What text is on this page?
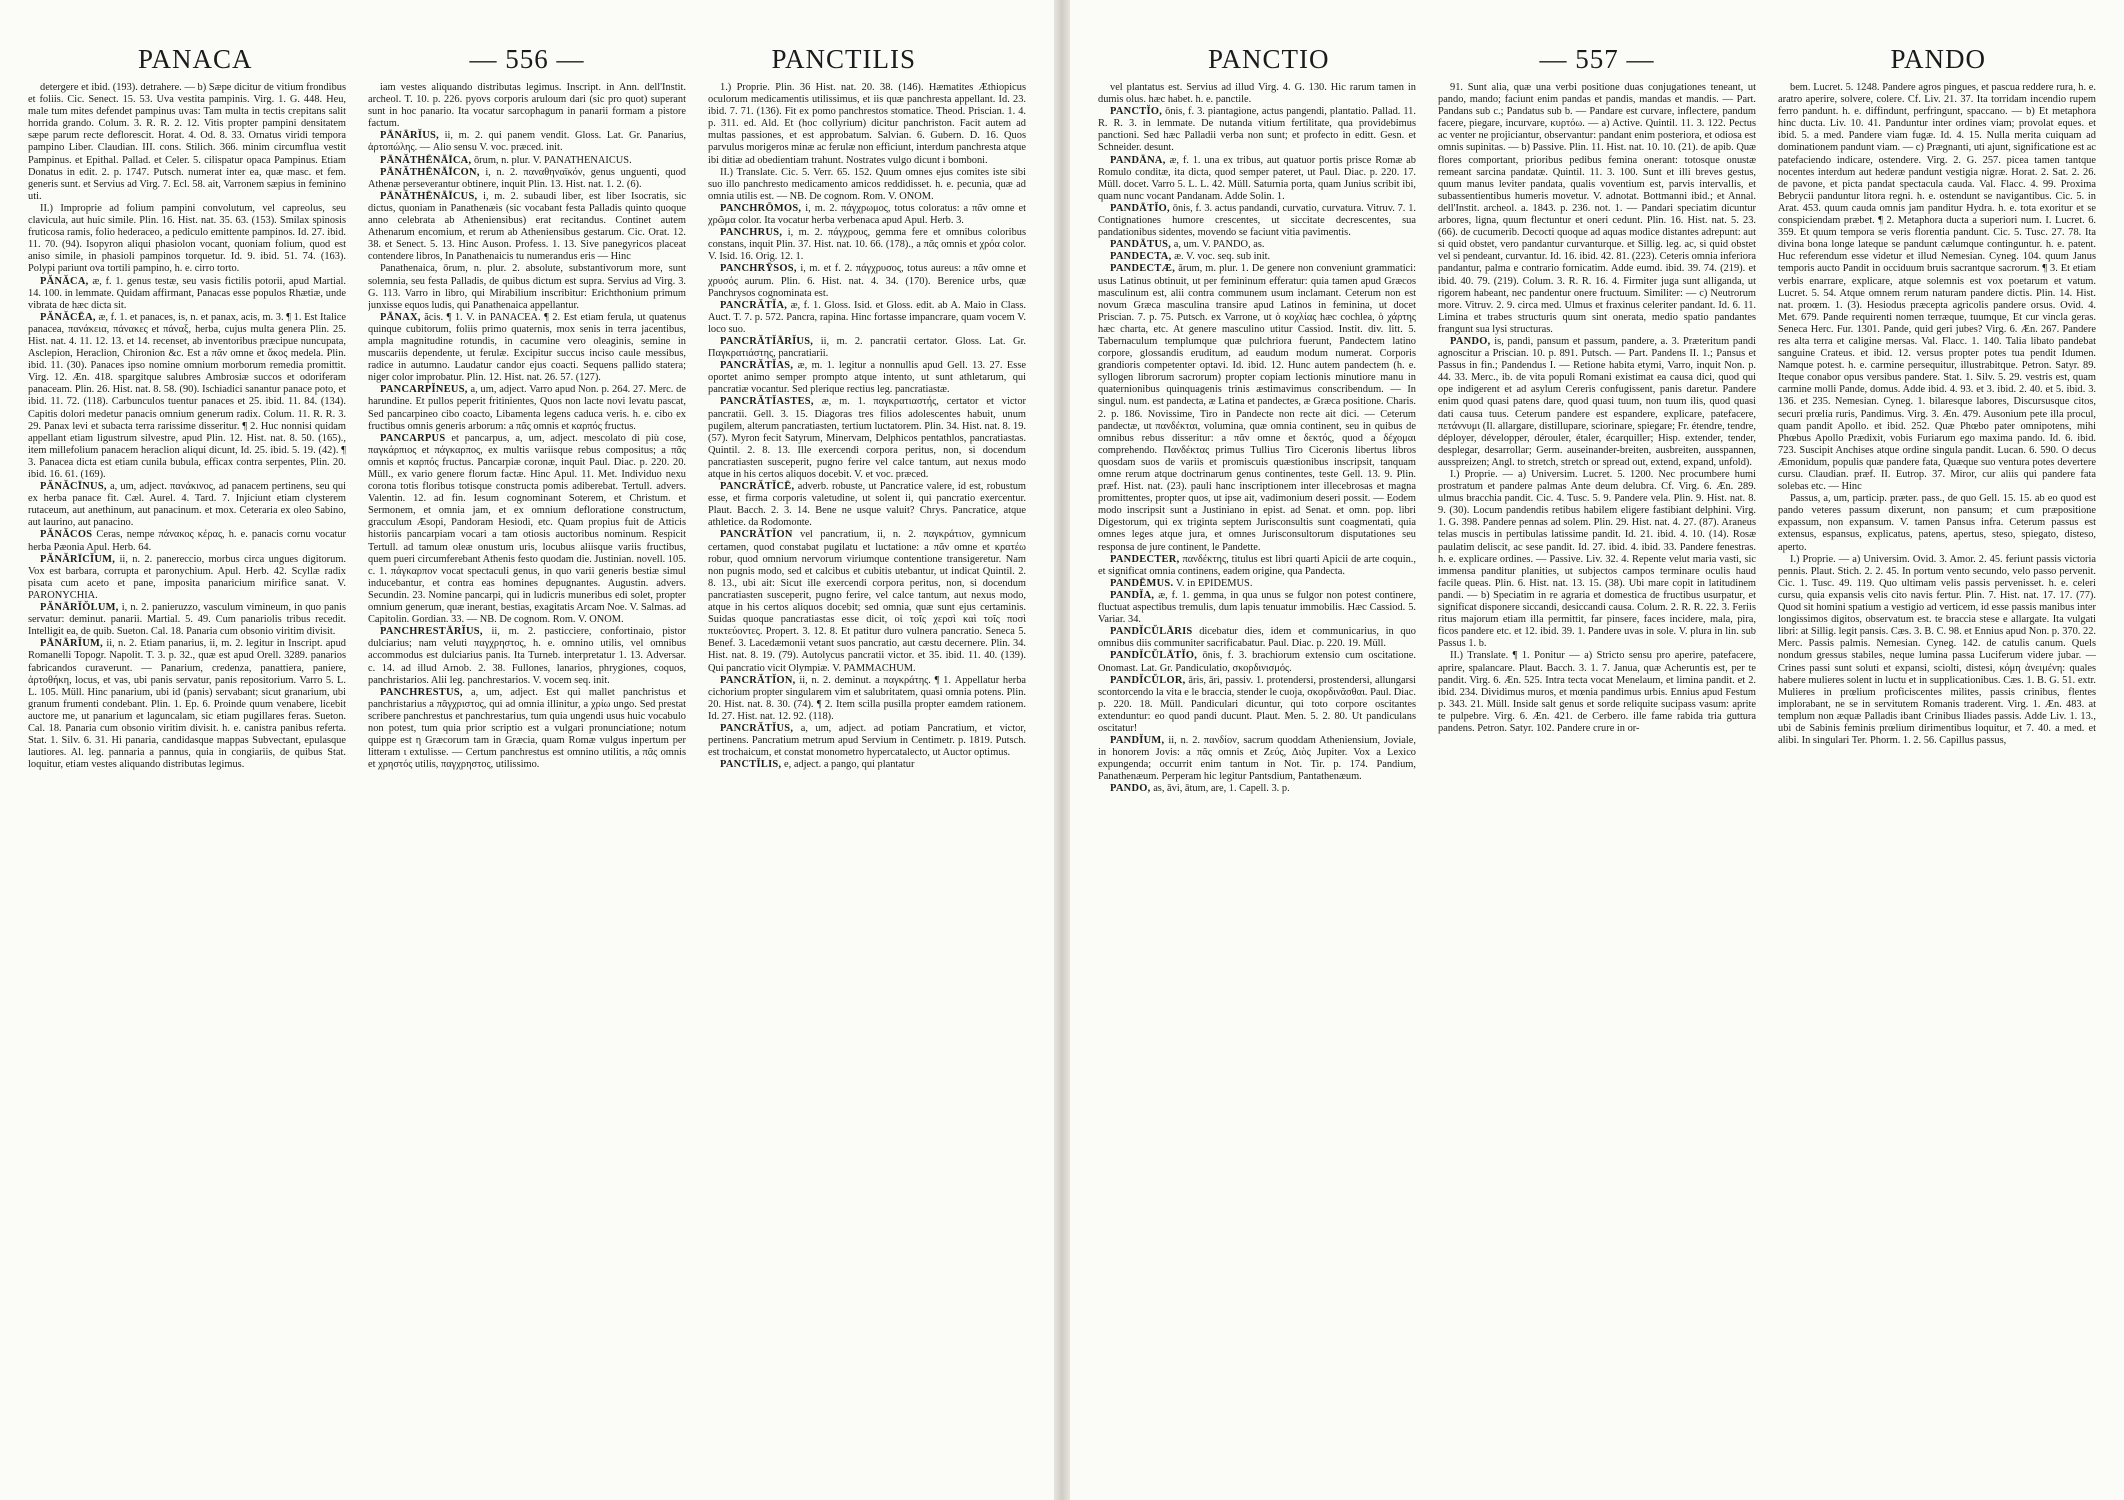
PANACA	— 556 —	PANCTILIS

detergere et ibid. (193). detrahere. — b) Sæpe dicitur de vitium frondibus et foliis. Cic. Senect. 15. 53. Uva vestita pampinis. Virg. 1. G. 448. Heu, male tum mites defendet pampinus uvas: Tam multa in tectis crepitans salit horrida grando. Colum. 3. R. R. 2. 12. Vitis propter pampini densitatem sæpe parum recte deflorescit. Horat. 4. Od. 8. 33. Ornatus viridi tempora pampino Liber. Claudian. III. cons. Stilich. 366. minim circumflua vestit Pampinus. et Epithal. Pallad. et Celer. 5. cilispatur opaca Pampinus. Etiam Donatus in edit. 2. p. 1747. Putsch. numerat inter ea, quæ masc. et fem. generis sunt. et Servius ad Virg. 7. Ecl. 58. ait, Varronem sæpius in feminino uti.

II.) Improprie ad folium pampini convolutum, vel capreolus, seu clavicula, aut huic simile. Plin. 16. Hist. nat. 35. 63. (153). Smilax spinosis fruticosa ramis, folio hederaceo, a pediculo emittente pampinos. Id. 27. ibid. 11. 70. (94). Isopyron aliqui phasiolon vocant, quoniam folium, quod est aniso simile, in phasioli pampinos torquetur. Id. 9. ibid. 51. 74. (163). Polypi pariunt ova tortili pampino, h. e. cirro torto.

PĂNĂCA, æ, f. 1. genus testæ, seu vasis fictilis potorii, apud Martial. 14. 100. in lemmate. Quidam affirmant, Panacas esse populos Rhætiæ, unde vibrata de hæc dicta sit.

PĂNĂCĒA, æ, f. 1. et panaces, is, n. et panax, acis, m. 3. ¶ 1. Est Italice panacea, πανάκεια, πάνακες et πάναξ, herba, cujus multa genera Plin. 25. Hist. nat. 4. 11. 12. 13. et 14. recenset, ab inventoribus præcipue nuncupata, Asclepion, Heraclion, Chironion &c. Est a πᾶν omne et ἄκος medela. Plin. ibid. 11. (30). Panaces ipso nomine omnium morborum remedia promittit. Virg. 12. Æn. 418. spargitque salubres Ambrosiæ succos et odoriferam panaceam. Plin. 26. Hist. nat. 8. 58. (90). Ischiadici sanantur panace poto, et ibid. 11. 72. (118). Carbunculos tuentur panaces et 25. ibid. 11. 84. (134). Capitis dolori medetur panacis omnium generum radix. Colum. 11. R. R. 3. 29. Panax levi et subacta terra rarissime disseritur. ¶ 2. Huc nonnisi quidam appellant etiam ligustrum silvestre, apud Plin. 12. Hist. nat. 8. 50. (165)., item millefolium panacem heraclion aliqui dicunt, Id. 25. ibid. 5. 19. (42). ¶ 3. Panacea dicta est etiam cunila bubula, efficax contra serpentes, Plin. 20. ibid. 16. 61. (169).

PĂNĂCĪNUS, a, um, adject. πανάκινος, ad panacem pertinens, seu qui ex herba panace fit. Cæl. Aurel. 4. Tard. 7. Injiciunt etiam clysterem rutaceum, aut anethinum, aut panacinum. et mox. Ceteraria ex oleo Sabino, aut laurino, aut panacino.

PĂNĂCOS Ceras, nempe πάνακος κέρας, h. e. panacis cornu vocatur herba Pæonia Apul. Herb. 64.

PĂNĂRĪCĬUM, ii, n. 2. panereccio, morbus circa ungues digitorum. Vox est barbara, corrupta et paronychium. Apul. Herb. 42. Scyllæ radix pisata cum aceto et pane, imposita panaricium mirifice sanat. V. PARONYCHIA.

PĂNĀRĬŎLUM, i, n. 2. panieruzzo, vasculum vimineum, in quo panis servatur: deminut. panarii. Martial. 5. 49. Cum panariolis tribus recedit. Intelligit ea, de quib. Sueton. Cal. 18. Panaria cum obsonio viritim divisit.

PĀNĀRĬUM, ii, n. 2. Etiam panarius, ii, m. 2. legitur in Inscript. apud Romanelli Topogr. Napolit. T. 3. p. 32., quæ est apud Orell. 3289. panarios fabricandos curaverunt. — Panarium, credenza, panattiera, paniere, ἀρτοθήκη, locus, et vas, ubi panis servatur, panis repositorium. Varro 5. L. L. 105. Müll. Hinc panarium, ubi id (panis) servabant; sicut granarium, ubi granum frumenti condebant. Plin. 1. Ep. 6. Proinde quum venabere, licebit auctore me, ut panarium et laguncalam, sic etiam pugillares feras. Sueton. Cal. 18. Panaria cum obsonio viritim divisit. h. e. canistra panibus referta. Stat. 1. Silv. 6. 31. Hi panaria, candidasque mappas Subvectant, epulasque lautiores. Al. leg. pannaria a pannus, quia in congiariis, de quibus Stat. loquitur, etiam vestes aliquando distributas legimus.

iam vestes aliquando distributas legimus. Inscript. in Ann. dell'Instit. archeol. T. 10. p. 226. pyovs corporis aruloum dari (sic pro quot) superant sunt in hoc panario. Ita vocatur sarcophagum in panarii formam a pistore factum.

PĀNĀRĬUS, ii, m. 2. qui panem vendit. Gloss. Lat. Gr. Panarius, ἀρτοπώλης. — Alio sensu V. voc. præced. init.

PĀNĂTHĒNĀĪCA, ōrum, n. plur. V. PANATHENAICUS.

PĀNĂTHĒNĀĪCON, i, n. 2. παναθηναϊκόν, genus unguenti, quod Athenæ perseverantur obtinere, inquit Plin. 13. Hist. nat. 1. 2. (6).

PĀNĂTHĒNĀĪCUS, i, m. 2. subaudi liber, est liber Isocratis, sic dictus, quoniam in Panathenæis (sic vocabant festa Palladis quinto quoque anno celebrata ab Atheniensibus) erat recitandus. Continet autem Athenarum encomium, et rerum ab Atheniensibus gestarum. Cic. Orat. 12. 38. et Senect. 5. 13. Hinc Auson. Profess. 1. 13. Sive panegyricos placeat contendere libros, In Panathenaicis tu numerandus eris — Hinc

Panathenaica, ōrum, n. plur. 2. absolute, substantivorum more, sunt solemnia, seu festa Palladis, de quibus dictum est supra. Servius ad Virg. 3. G. 113. Varro in libro, qui Mirabilium inscribitur: Erichthonium primum junxisse equos ludis, qui Panathenaica appellantur.

PĀNAX, ăcis. ¶ 1. V. in PANACEA. ¶ 2. Est etiam ferula, ut quatenus quinque cubitorum, foliis primo quaternis, mox senis in terra jacentibus, ampla magnitudine rotundis, in cacumine vero oleaginis, semine in muscariis dependente, ut ferulæ. Excipitur succus inciso caule messibus, radice in autumno. Laudatur candor ejus coacti. Sequens pallido statera; niger color improbatur. Plin. 12. Hist. nat. 26. 57. (127).

PANCARPĬNEUS, a, um, adject. Varro apud Non. p. 264. 27. Merc. de harundine. Et pullos peperit fritinientes, Quos non lacte novi levatu pascat, Sed pancarpineo cibo coacto, Libamenta legens caduca veris. h. e. cibo ex fructibus omnis generis arborum: a πᾶς omnis et καρπός fructus.

PANCARPUS et pancarpus, a, um, adject. mescolato di più cose, παγκάρπιος et πάγκαρπος, ex multis variisque rebus compositus; a πᾶς omnis et καρπός fructus. Pancarpiæ coronæ, inquit Paul. Diac. p. 220. 20. Müll., ex vario genere florum factæ. Hinc Apul. 11. Met. Individuo nexu corona totis floribus totisque constructa pomis adiberebat. Tertull. advers. Valentin. 12. ad fin. Iesum cognominant Soterem, et Christum. et Sermonem, et omnia jam, et ex omnium defloratione constructum, gracculum Æsopi, Pandoram Hesiodi, etc. Quam propius fuit de Atticis historiis pancarpiam vocari a tam otiosis auctoribus nominum. Respicit Tertull. ad tamum oleæ onustum uris, locubus aliisque variis fructibus, quem pueri circumferebant Athenis festo quodam die. Justinian. novell. 105. c. 1. πάγκαρπον vocat spectaculi genus, in quo varii generis bestiæ simul inducebantur, et contra eas homines depugnantes. Augustin. advers. Secundin. 23. Nomine pancarpi, qui in ludicris muneribus edi solet, propter omnium generum, quæ inerant, bestias, exagitatis Arcam Noe. V. Salmas. ad Capitolin. Gordian. 33. — NB. De cognom. Rom. V. ONOM.

PANCHRESTĀRĬUS, ii, m. 2. pasticciere, confortinaio, pistor dulciarius; nam veluti παγχρηστος, h. e. omnino utilis, vel omnibus accommodus est dulciarius panis. Ita Turneb. interpretatur 1. 13. Adversar. c. 14. ad illud Arnob. 2. 38. Fullones, lanarios, phrygiones, coquos, panchristarios. Alii leg. panchrestarios. V. vocem seq. init.

PANCHRESTUS, a, um, adject. Est qui mallet panchristus et panchristarius a πᾶγχριστος, qui ad omnia illinitur, a χρίω ungo. Sed prestat scribere panchrestus et panchrestarius, tum quia ungendi usus huic vocabulo non potest, tum quia prior scriptio est a vulgari pronunciatione; notum quippe est η Græcorum tam in Græcia, quam Romæ vulgus inpertum per litteram ι extulisse. — Certum panchrestus est omnino utilitis, a πᾶς omnis et χρηστός utilis, παγχρηστος, utilissimo.

1.) Proprie. Plin. 36 Hist. nat. 20. 38. (146). Hæmatites Æthiopicus oculorum medicamentis utilissimus, et iis quæ panchresta appellant. Id. 23. ibid. 7. 71. (136). Fit ex pomo panchrestos stomatice. Theod. Priscian. 1. 4. p. 311. ed. Ald. Et (hoc collyrium) dicitur panchriston. Facit autem ad multas passiones, et est approbatum. Salvian. 6. Gubern. D. 16. Quos parvulus morigeros minæ ac ferulæ non efficiunt, interdum panchresta atque ibi ditiæ ad obedientiam trahunt. Nostrates vulgo dicunt i bomboni.

II.) Translate. Cic. 5. Verr. 65. 152. Quum omnes ejus comites iste sibi suo illo panchresto medicamento amicos reddidisset. h. e. pecunia, quæ ad omnia utilis est. — NB. De cognom. Rom. V. ONOM.

PANCHRŌMOS, i, m. 2. πάγχρωμος, totus coloratus: a πᾶν omne et χρῶμα color. Ita vocatur herba verbenaca apud Apul. Herb. 3.

PANCHRUS, i, m. 2. πάγχρους, gemma fere et omnibus coloribus constans, inquit Plin. 37. Hist. nat. 10. 66. (178)., a πᾶς omnis et χρόα color. V. Isid. 16. Orig. 12. 1.

PANCHRȲSOS, i, m. et f. 2. πάγχρυσος, totus aureus: a πᾶν omne et χρυσός aurum. Plin. 6. Hist. nat. 4. 34. (170). Berenice urbs, quæ Panchrysos cognominata est.

PANCRĂTĬA, æ, f. 1. Gloss. Isid. et Gloss. edit. ab A. Maio in Class. Auct. T. 7. p. 572. Pancra, rapina. Hinc fortasse impancrare, quam vocem V. loco suo.

PANCRĂTĬĀRĬUS, ii, m. 2. pancratii certator. Gloss. Lat. Gr. Παγκρατιάστης, pancratiarii.

PANCRĂTĬAS, æ, m. 1. legitur a nonnullis apud Gell. 13. 27. Esse oportet animo semper prompto atque intento, ut sunt athletarum, qui pancratiæ vocantur. Sed plerique rectius leg. pancratiastæ.

PANCRĂTĬASTES, æ, m. 1. παγκρατιαστής, certator et victor pancratii. Gell. 3. 15. Diagoras tres filios adolescentes habuit, unum pugilem, alterum pancratiasten, tertium luctatorem. Plin. 34. Hist. nat. 8. 19. (57). Myron fecit Satyrum, Minervam, Delphicos pentathlos, pancratiastas. Quintil. 2. 8. 13. Ille exercendi corpora peritus, non, si docendum pancratiasten susceperit, pugno ferire vel calce tantum, aut nexus modo atque in his certos aliquos docebit. V. et voc. præced.

PANCRĂTĬCĒ, adverb. robuste, ut Pancratice valere, id est, robustum esse, et firma corporis valetudine, ut solent ii, qui pancratio exercentur. Plaut. Bacch. 2. 3. 14. Bene ne usque valuit? Chrys. Pancratice, atque athletice. da Rodomonte.

PANCRĂTĬON vel pancratium, ii, n. 2. παγκράτιον, gymnicum certamen, quod constabat pugilatu et luctatione: a πᾶν omne et κρατέω robur, quod omnium nervorum viriumque contentione transigeretur. Nam non pugnis modo, sed et calcibus et cubitis utebantur, ut indicat Quintil. 2. 8. 13., ubi ait: Sicut ille exercendi corpora peritus, non, si docendum pancratiasten susceperit, pugno ferire, vel calce tantum, aut nexus modo, atque in his certos aliquos docebit; sed omnia, quæ sunt ejus certaminis. Suidas quoque pancratiastas esse dicit, οἱ τοῖς χερσὶ καὶ τοῖς ποσὶ πυκτεύοντες. Propert. 3. 12. 8. Et patitur duro vulnera pancratio. Seneca 5. Benef. 3. Lacedæmonii vetant suos pancratio, aut cæstu decernere. Plin. 34. Hist. nat. 8. 19. (79). Autolycus pancratii victor. et 35. ibid. 11. 40. (139). Qui pancratio vicit Olympiæ. V. PAMMACHUM.

PANCRĂTĬON, ii, n. 2. deminut. a παγκράτης. ¶ 1. Appellatur herba cichorium propter singularem vim et salubritatem, quasi omnia potens. Plin. 20. Hist. nat. 8. 30. (74). ¶ 2. Item scilla pusilla propter eamdem rationem. Id. 27. Hist. nat. 12. 92. (118).

PANCRĂTĬUS, a, um, adject. ad potiam Pancratium, et victor, pertinens. Pancratium metrum apud Servium in Centimetr. p. 1819. Putsch. est trochaicum, et constat monometro hypercatalecto, ut Auctor optimus.

PANCTĬLIS, e, adject. a pango, qui plantatur

PANCTIO	— 557 —	PANDO

vel plantatus est. Servius ad illud Virg. 4. G. 130. Hic rarum tamen in dumis olus. hæc habet. h. e. panctile.

PANCTĬO, ōnis, f. 3. piantagione, actus pangendi, plantatio. Pallad. 11. R. R. 3. in lemmate. De nutanda vitium fertilitate, qua providebimus panctioni. Sed hæc Palladii verba non sunt; et profecto in editt. Gesn. et Schneider. desunt.

PANDĀNA, æ, f. 1. una ex tribus, aut quatuor portis prisce Romæ ab Romulo conditæ, ita dicta, quod semper pateret, ut Paul. Diac. p. 220. 17. Müll. docet. Varro 5. L. L. 42. Müll. Saturnia porta, quam Junius scribit ibi, quam nunc vocant Pandanam. Adde Solin. 1.

PANDĀTĬO, ōnis, f. 3. actus pandandi, curvatio, curvatura. Vitruv. 7. 1. Contignationes humore crescentes, ut siccitate decrescentes, sua pandationibus sidentes, movendo se faciunt vitia pavimentis.

PANDĀTUS, a, um. V. PANDO, as.

PANDECTA, æ. V. voc. seq. sub init.

PANDECTÆ, ārum, m. plur. 1. De genere non conveniunt grammatici: usus Latinus obtinuit, ut per femininum efferatur: quia tamen apud Græcos masculinum est, alii contra communem usum inclamant. Ceterum non est novum Græca masculina transire apud Latinos in feminina, ut docet Priscian. 7. p. 75. Putsch. ex Varrone, ut ὁ κοχλίας hæc cochlea, ὁ χάρτης hæc charta, etc. At genere masculino utitur Cassiod. Instit. div. litt. 5. Tabernaculum templumque quæ pulchriora fuerunt, Pandectem latino corpore, glossandis eruditum, ad eaudum modum numerat. Corporis grandioris competenter optavi. Id. ibid. 12. Hunc autem pandectem (h. e. syllogen librorum sacrorum) propter copiam lectionis minutiore manu in quaternionibus quinquagenis trinis æstimavimus conscribendum. — In singul. num. est pandecta, æ Latina et pandectes, æ Græca positione. Charis. 2. p. 186. Novissime, Tiro in Pandecte non recte ait dici. — Ceterum pandectæ, ut πανδέκται, volumina, quæ omnia continent, seu in quibus de omnibus rebus disseritur: a πᾶν omne et δεκτός, quod a δέχομαι comprehendo. Πανδέκτας primus Tullius Tiro Ciceronis libertus libros quosdam suos de variis et promiscuis quæstionibus inscripsit, tanquam omne rerum atque doctrinarum genus continentes, teste Gell. 13. 9. Plin. præf. Hist. nat. (23). pauli hanc inscriptionem inter illecebrosas et magna promittentes, propter quos, ut ipse ait, vadimonium deseri possit. — Eodem modo inscripsit sunt a Justiniano in epist. ad Senat. et omn. pop. libri Digestorum, qui ex triginta septem Jurisconsultis sunt coagmentati, quia omnes leges atque jura, et omnes Jurisconsultorum disputationes seu responsa de jure continent, le Pandette.

PANDECTER, πανδέκτης, titulus est libri quarti Apicii de arte coquin., et significat omnia continens, eadem origine, qua Pandecta.

PANDĒMUS. V. in EPIDEMUS.

PANDĬA, æ, f. 1. gemma, in qua unus se fulgor non potest continere, fluctuat aspectibus tremulis, dum lapis tenuatur immobilis. Hæc Cassiod. 5. Variar. 34.

PANDĬCŬLĀRIS dicebatur dies, idem et communicarius, in quo omnibus diis communiter sacrificabatur. Paul. Diac. p. 220. 19. Müll.

PANDĬCŬLĀTĬO, ōnis, f. 3. brachiorum extensio cum oscitatione. Onomast. Lat. Gr. Pandiculatio, σκορδινισμός.

PANDĬCŬLOR, āris, āri, passiv. 1. protendersi, prostendersi, allungarsi scontorcendo la vita e le braccia, stender le cuoja, σκορδινᾶσθαι. Paul. Diac. p. 220. 18. Müll. Pandiculari dicuntur, qui toto corpore oscitantes extenduntur: eo quod pandi ducunt. Plaut. Men. 5. 2. 80. Ut pandiculans oscitatur!

PANDĬUM, ii, n. 2. πανδίον, sacrum quoddam Atheniensium, Joviale, in honorem Jovis: a πᾶς omnis et Ζεύς, Διὸς Jupiter. Vox a Lexico expungenda; occurrit enim tantum in Not. Tir. p. 174. Pandium, Panathenæum. Perperam hic legitur Pantsdium, Pantathenæum.

PANDO, as, āvi, ātum, are, 1. Capell. 3. p.

91. Sunt alia, quæ una verbi positione duas conjugationes teneant, ut pando, mando; faciunt enim pandas et pandis, mandas et mandis. — Part. Pandans sub c.; Pandatus sub b. — Pandare est curvare, inflectere, pandum facere, piegare, incurvare, κυρτόω. — a) Active. Quintil. 11. 3. 122. Pectus ac venter ne projiciantur, observantur: pandant enim posteriora, et odiosa est omnis supinitas. — b) Passive. Plin. 11. Hist. nat. 10. 10. (21). de apib. Quæ flores comportant, prioribus pedibus femina onerant: totosque onustæ remeant sarcina pandatæ. Quintil. 11. 3. 100. Sunt et illi breves gestus, quum manus leviter pandata, qualis voventium est, parvis intervallis, et subassentientibus humeris movetur. V. adnotat. Bottmanni ibid.; et Annal. dell'Instit. archeol. a. 1843. p. 236. not. 1. — Pandari speciatim dicuntur arbores, ligna, quum flectuntur et oneri cedunt. Plin. 16. Hist. nat. 5. 23. (66). de cucumerib. Decocti quoque ad aquas modice distantes adrepunt: aut si quid obstet, vero pandantur curvanturque. et Sillig. leg. ac, si quid obstet vel si pendeant, curvantur. Id. 16. ibid. 42. 81. (223). Ceteris omnia inferiora pandantur, palma e contrario fornicatim. Adde eumd. ibid. 39. 74. (219). et ibid. 40. 79. (219). Colum. 3. R. R. 16. 4. Firmiter juga sunt alliganda, ut rigorem habeant, nec pandentur onere fructuum. Similiter: — c) Neutrorum more. Vitruv. 2. 9. circa med. Ulmus et fraxinus celeriter pandant. Id. 6. 11. Limina et trabes structuris quum sint onerata, medio spatio pandantes frangunt sua lysi structuras.

PANDO, is, pandi, pansum et passum, pandere, a. 3. Præteritum pandi agnoscitur a Priscian. 10. p. 891. Putsch. — Part. Pandens II. 1.; Pansus et Passus in fin.; Pandendus I. — Retione habita etymi, Varro, inquit Non. p. 44. 33. Merc., ib. de vita populi Romani existimat ea causa dici, quod qui ope indigerent et ad asylum Cereris confugissent, panis daretur. Pandere enim quod quasi patens dare, quod quasi tuum, non tuum ilis, quod quasi dati causa tuus. Ceterum pandere est espandere, explicare, patefacere, πετάννυμι (Il. allargare, distillupare, sciorinare, spiegare; Fr. étendre, tendre, déployer, développer, dérouler, étaler, écarquiller; Hisp. extender, tender, desplegar, desarrollar; Germ. auseinander-breiten, ausbreiten, ausspannen, ausspreizen; Angl. to stretch, stretch or spread out, extend, expand, unfold).

I.) Proprie. — a) Universim. Lucret. 5. 1200. Nec procumbere humi prostratum et pandere palmas Ante deum delubra. Cf. Virg. 6. Æn. 289. ulmus bracchia pandit. Cic. 4. Tusc. 5. 9. Pandere vela. Plin. 9. Hist. nat. 8. 9. (30). Locum pandendis retibus habilem eligere fastibiant delphini. Virg. 1. G. 398. Pandere pennas ad solem. Plin. 29. Hist. nat. 4. 27. (87). Araneus telas muscis in pertibulas latissime pandit. Id. 21. ibid. 4. 10. (14). Rosæ paulatim deliscit, ac sese pandit. Id. 27. ibid. 4. ibid. 33. Pandere fenestras. h. e. explicare ordines. — Passive. Liv. 32. 4. Repente velut maria vasti, sic immensa panditur planities, ut subjectos campos terminare oculis haud facile queas. Plin. 6. Hist. nat. 13. 15. (38). Ubi mare copit in latitudinem pandi. — b) Speciatim in re agraria et domestica de fructibus usurpatur, et significat disponere siccandi, desiccandi causa. Colum. 2. R. R. 22. 3. Feriis ritus majorum etiam illa permittit, far pinsere, faces incidere, mala, pira, ficos pandere etc. et 12. ibid. 39. 1. Pandere uvas in sole. V. plura in lin. sub Passus 1. b.

II.) Translate. ¶ 1. Ponitur — a) Stricto sensu pro aperire, patefacere, aprire, spalancare. Plaut. Bacch. 3. 1. 7. Janua, quæ Acheruntis est, per te pandit. Virg. 6. Æn. 525. Intra tecta vocat Menelaum, et limina pandit. et 2. ibid. 234. Dividimus muros, et mœnia pandimus urbis. Ennius apud Festum p. 343. 21. Müll. Inside salt genus et sorde reliquite sucipass vasum: aprite te pulpebre. Virg. 6. Æn. 421. de Cerbero. ille fame rabida tria guttura pandens. Petron. Satyr. 102. Pandere crure in or-

bem. Lucret. 5. 1248. Pandere agros pingues, et pascua reddere rura, h. e. aratro aperire, solvere, colere. Cf. Liv. 21. 37. Ita torridam incendio rupem ferro pandunt. h. e. diffindunt, perfringunt, spaccano. — b) Et metaphora hinc ducta. Liv. 10. 41. Panduntur inter ordines viam; provolat eques. et ibid. 5. a med. Pandere viam fugæ. Id. 4. 15. Nulla merita cuiquam ad dominationem pandunt viam. — c) Prægnanti, uti ajunt, significatione est ac patefaciendo indicare, ostendere. Virg. 2. G. 257. picea tamen tantque nocentes interdum aut hederæ pandunt vestigia nigræ. Horat. 2. Sat. 2. 26. de pavone, et picta pandat spectacula cauda. Val. Flacc. 4. 99. Proxima Bebrycii panduntur litora regni. h. e. ostendunt se navigantibus. Cic. 5. in Arat. 453. quum cauda omnis jam panditur Hydra. h. e. tota exoritur et se conspiciendam præbet. ¶ 2. Metaphora ducta a superiori num. I. Lucret. 6. 359. Et quum tempora se veris florentia pandunt. Cic. 5. Tusc. 27. 78. Ita divina bona longe lateque se pandunt cælumque continguntur. h. e. patent. Huc referendum esse videtur et illud Nemesian. Cyneg. 104. quum Janus temporis aucto Pandit in occiduum bruis sacrantque sacrorum. ¶ 3. Et etiam verbis enarrare, explicare, atque solemnis est vox poetarum et vatum. Lucret. 5. 54. Atque omnem rerum naturam pandere dictis. Plin. 14. Hist. nat. proœm. 1. (3). Hesiodus præcepta agricolis pandere orsus. Ovid. 4. Met. 679. Pande requirenti nomen terræque, tuumque, Et cur vincla geras. Seneca Herc. Fur. 1301. Pande, quid geri jubes? Virg. 6. Æn. 267. Pandere res alta terra et caligine mersas. Val. Flacc. 1. 140. Talia libato pandebat sanguine Crateus. et ibid. 12. versus propter potes tua pendit Idumen. Namque potest. h. e. carmine persequitur, illustrabitque. Petron. Satyr. 89. Iteque conabor opus versibus pandere. Stat. 1. Silv. 5. 29. vestris est, quam carmine molli Pande, domus. Adde ibid. 4. 93. et 3. ibid. 2. 40. et 5. ibid. 3. 136. et 235. Nemesian. Cyneg. 1. bilaresque labores, Discursusque citos, securi prœlia ruris, Pandimus. Virg. 3. Æn. 479. Ausonium pete illa procul, quam pandit Apollo. et ibid. 252. Quæ Phœbo pater omnipotens, mihi Phœbus Apollo Prædixit, vobis Furiarum ego maxima pando. Id. 6. ibid. 723. Suscipit Anchises atque ordine singula pandit. Lucan. 6. 590. O decus Æmonidum, populis quæ pandere fata, Quæque suo ventura potes devertere cursu. Claudian. præf. II. Eutrop. 37. Miror, cur aliis qui pandere fata solebas etc. — Hinc

Passus, a, um, particip. præter. pass., de quo Gell. 15. 15. ab eo quod est pando veteres passum dixerunt, non pansum; et cum præpositione expassum, non expansum. V. tamen Pansus infra. Ceterum passus est extensus, espansus, explicatus, patens, apertus, steso, spiegato, disteso, aperto.

I.) Proprie. — a) Universim. Ovid. 3. Amor. 2. 45. feriunt passis victoria pennis. Plaut. Stich. 2. 2. 45. In portum vento secundo, velo passo pervenit. Cic. 1. Tusc. 49. 119. Quo ultimam velis passis pervenisset. h. e. celeri cursu, quia expansis velis cito navis fertur. Plin. 7. Hist. nat. 17. 17. (77). Quod sit homini spatium a vestigio ad verticem, id esse passis manibus inter longissimos digitos, observatum est. te braccia stese e allargate. Ita vulgati libri: at Sillig. legit pansis. Cæs. 3. B. C. 98. et Ennius apud Non. p. 370. 22. Merc. Passis palmis. Nemesian. Cyneg. 142. de catulis canum. Quels nondum gressus stabiles, neque lumina passa Luciferum videre jubar. — Crines passi sunt soluti et expansi, sciolti, distesi, κόμη ἀνειμένη: quales habere mulieres solent in luctu et in supplicationibus. Cæs. 1. B. G. 51. extr. Mulieres in prœlium proficiscentes milites, passis crinibus, flentes implorabant, ne se in servitutem Romanis traderent. Virg. 1. Æn. 483. at templum non æquæ Palladis ibant Crinibus Iliades passis. Adde Liv. 1. 13., ubi de Sabinis feminis prœlium dirimentibus loquitur, et 7. 40. a med. et alibi. In singulari Ter. Phorm. 1. 2. 56. Capillus passus,
